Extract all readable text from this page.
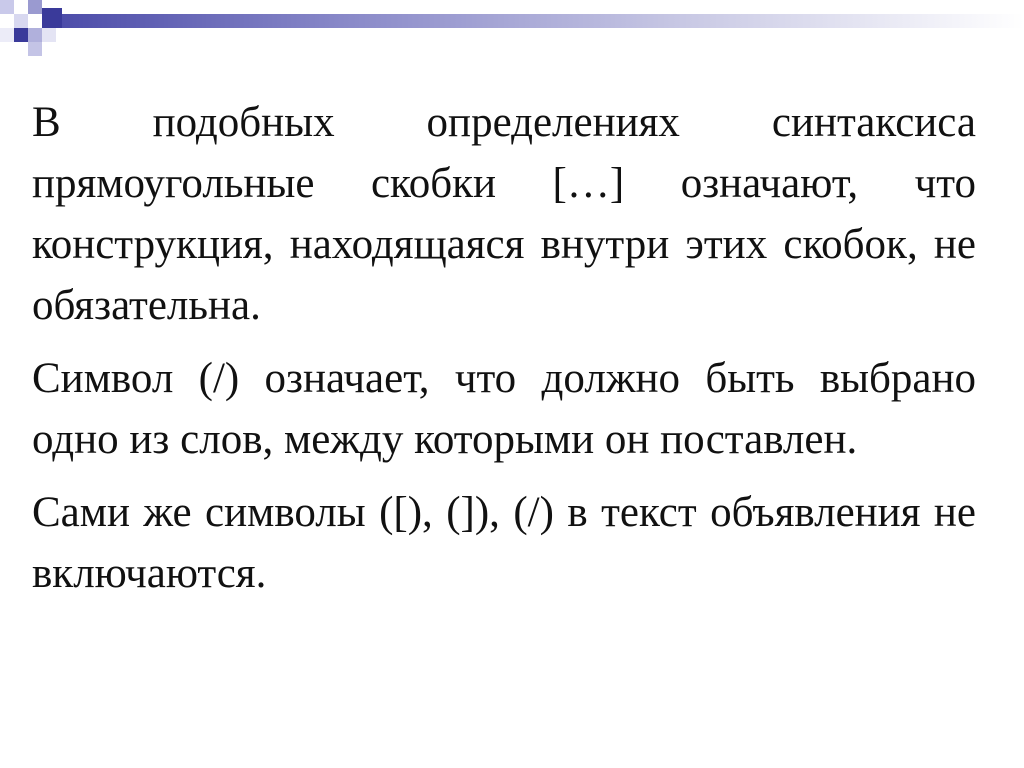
В подобных определениях синтаксиса прямоугольные скобки […] означают, что конструкция, находящаяся внутри этих скобок, не обязательна.

Символ (/) означает, что должно быть выбрано одно из слов, между которыми он поставлен.

Сами же символы ([), (]), (/) в текст объявления не включаются.
